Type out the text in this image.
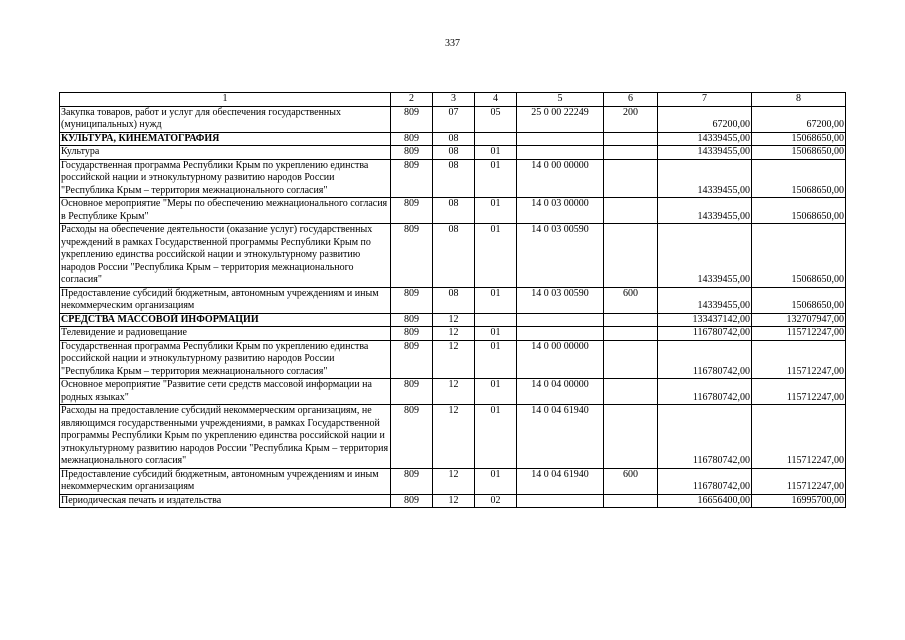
337
1	2	3	4	5	6	7	8
Закупка товаров, работ и услуг для обеспечения государственных (муниципальных) нужд	809	07	05	25 0 00 22249	200	67200,00	67200,00
КУЛЬТУРА, КИНЕМАТОГРАФИЯ	809	08				14339455,00	15068650,00
Культура	809	08	01			14339455,00	15068650,00
Государственная программа Республики Крым по укреплению единства российской нации и этнокультурному развитию народов России "Республика Крым – территория межнационального согласия"	809	08	01	14 0 00 00000		14339455,00	15068650,00
Основное мероприятие "Меры по обеспечению межнационального согласия в Республике Крым"	809	08	01	14 0 03 00000		14339455,00	15068650,00
Расходы на обеспечение деятельности (оказание услуг) государственных учреждений в рамках Государственной программы Республики Крым по укреплению единства российской нации и этнокультурному развитию народов России "Республика Крым – территория межнационального согласия"	809	08	01	14 0 03 00590		14339455,00	15068650,00
Предоставление субсидий бюджетным, автономным учреждениям и иным некоммерческим организациям	809	08	01	14 0 03 00590	600	14339455,00	15068650,00
СРЕДСТВА МАССОВОЙ ИНФОРМАЦИИ	809	12				133437142,00	132707947,00
Телевидение и радиовещание	809	12	01			116780742,00	115712247,00
Государственная программа Республики Крым по укреплению единства российской нации и этнокультурному развитию народов России "Республика Крым – территория межнационального согласия"	809	12	01	14 0 00 00000		116780742,00	115712247,00
Основное мероприятие "Развитие сети средств массовой информации на родных языках"	809	12	01	14 0 04 00000		116780742,00	115712247,00
Расходы на предоставление субсидий некоммерческим организациям, не являющимся государственными учреждениями, в рамках Государственной программы Республики Крым по укреплению единства российской нации и этнокультурному развитию народов России "Республика Крым – территория межнационального согласия"	809	12	01	14 0 04 61940		116780742,00	115712247,00
Предоставление субсидий бюджетным, автономным учреждениям и иным некоммерческим организациям	809	12	01	14 0 04 61940	600	116780742,00	115712247,00
Периодическая печать и издательства	809	12	02			16656400,00	16995700,00
